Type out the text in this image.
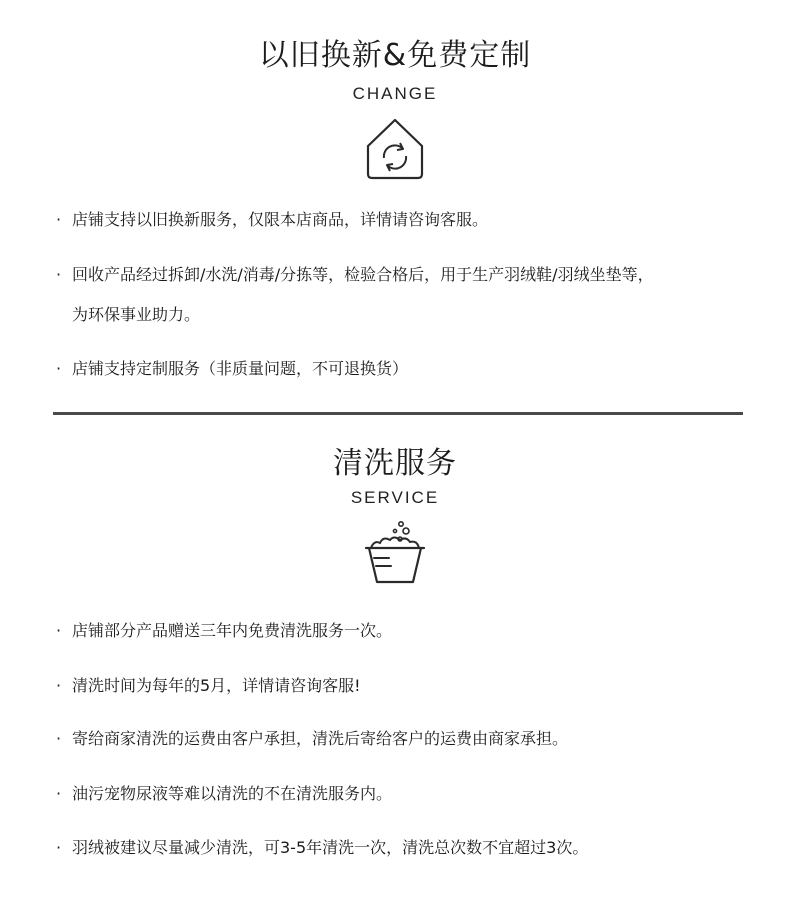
以旧换新&免费定制
CHANGE
· 店铺支持以旧换新服务，仅限本店商品，详情请咨询客服。
· 回收产品经过拆卸/水洗/消毒/分拣等，检验合格后，用于生产羽绒鞋/羽绒坐垫等，
为环保事业助力。
· 店铺支持定制服务（非质量问题，不可退换货）
清洗服务
SERVICE
· 店铺部分产品赠送三年内免费清洗服务一次。
· 清洗时间为每年的5月，详情请咨询客服!
· 寄给商家清洗的运费由客户承担，清洗后寄给客户的运费由商家承担。
· 油污宠物尿液等难以清洗的不在清洗服务内。
· 羽绒被建议尽量减少清洗，可3-5年清洗一次，清洗总次数不宜超过3次。
